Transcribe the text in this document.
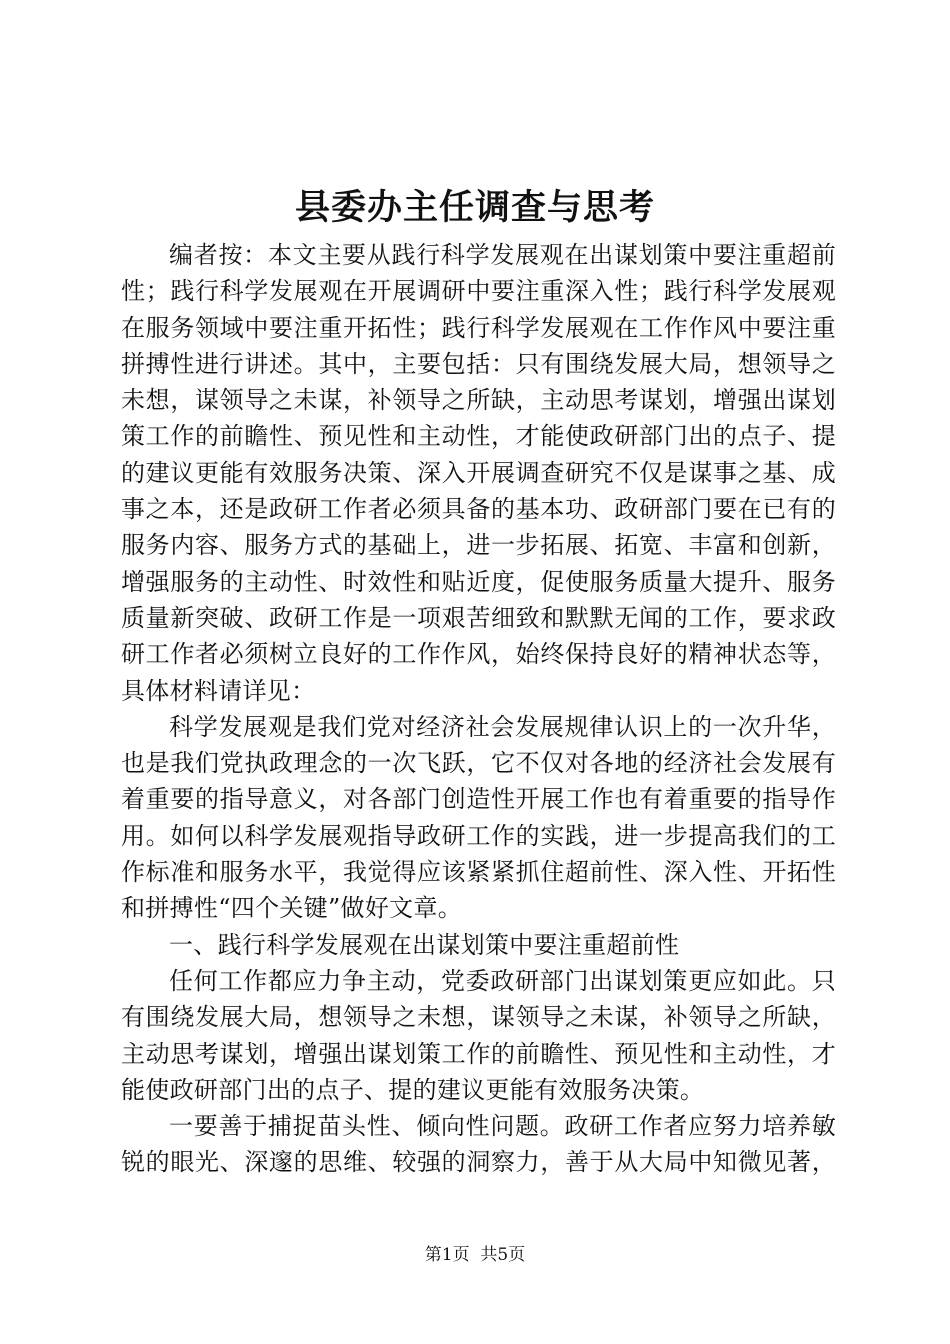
县委办主任调查与思考

编者按：本文主要从践行科学发展观在出谋划策中要注重超前性；践行科学发展观在开展调研中要注重深入性；践行科学发展观在服务领域中要注重开拓性；践行科学发展观在工作作风中要注重拼搏性进行讲述。其中，主要包括：只有围绕发展大局，想领导之未想，谋领导之未谋，补领导之所缺，主动思考谋划，增强出谋划策工作的前瞻性、预见性和主动性，才能使政研部门出的点子、提的建议更能有效服务决策、深入开展调查研究不仅是谋事之基、成事之本，还是政研工作者必须具备的基本功、政研部门要在已有的服务内容、服务方式的基础上，进一步拓展、拓宽、丰富和创新，增强服务的主动性、时效性和贴近度，促使服务质量大提升、服务质量新突破、政研工作是一项艰苦细致和默默无闻的工作，要求政研工作者必须树立良好的工作作风，始终保持良好的精神状态等，具体材料请详见：

科学发展观是我们党对经济社会发展规律认识上的一次升华，也是我们党执政理念的一次飞跃，它不仅对各地的经济社会发展有着重要的指导意义，对各部门创造性开展工作也有着重要的指导作用。如何以科学发展观指导政研工作的实践，进一步提高我们的工作标准和服务水平，我觉得应该紧紧抓住超前性、深入性、开拓性和拼搏性“四个关键”做好文章。

一、践行科学发展观在出谋划策中要注重超前性

任何工作都应力争主动，党委政研部门出谋划策更应如此。只有围绕发展大局，想领导之未想，谋领导之未谋，补领导之所缺，主动思考谋划，增强出谋划策工作的前瞻性、预见性和主动性，才能使政研部门出的点子、提的建议更能有效服务决策。

一要善于捕捉苗头性、倾向性问题。政研工作者应努力培养敏锐的眼光、深邃的思维、较强的洞察力，善于从大局中知微见著，

第1页 共5页
